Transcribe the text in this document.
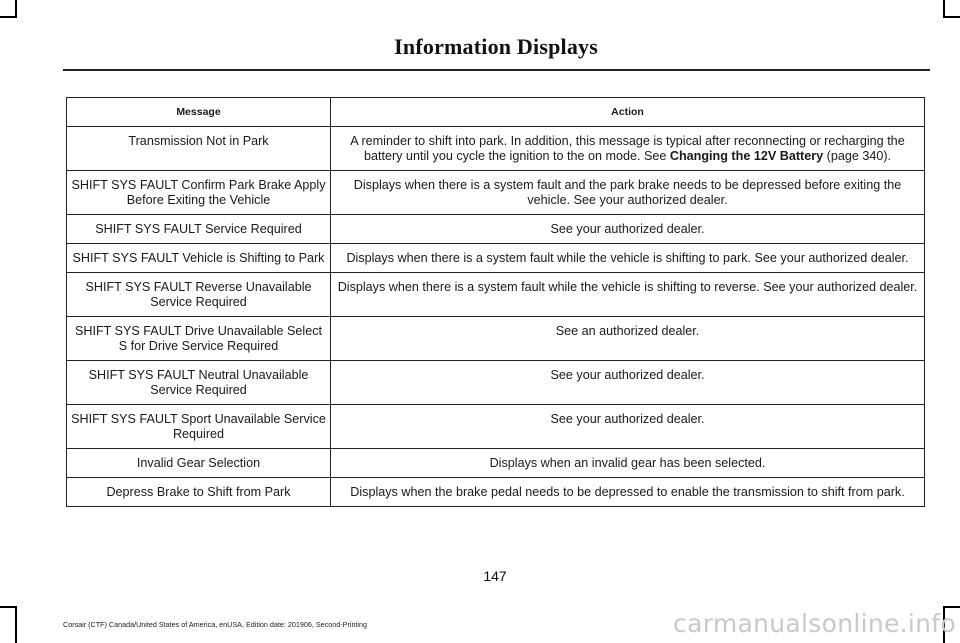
Information Displays
Message	Action
Transmission Not in Park	A reminder to shift into park. In addition, this message is typical after reconnecting or recharging the battery until you cycle the ignition to the on mode. See Changing the 12V Battery (page 340).
SHIFT SYS FAULT Confirm Park Brake Apply Before Exiting the Vehicle	Displays when there is a system fault and the park brake needs to be depressed before exiting the vehicle. See your authorized dealer.
SHIFT SYS FAULT Service Required	See your authorized dealer.
SHIFT SYS FAULT Vehicle is Shifting to Park	Displays when there is a system fault while the vehicle is shifting to park. See your authorized dealer.
SHIFT SYS FAULT Reverse Unavailable Service Required	Displays when there is a system fault while the vehicle is shifting to reverse. See your authorized dealer.
SHIFT SYS FAULT Drive Unavailable Select S for Drive Service Required	See an authorized dealer.
SHIFT SYS FAULT Neutral Unavailable Service Required	See your authorized dealer.
SHIFT SYS FAULT Sport Unavailable Service Required	See your authorized dealer.
Invalid Gear Selection	Displays when an invalid gear has been selected.
Depress Brake to Shift from Park	Displays when the brake pedal needs to be depressed to enable the transmission to shift from park.
147
Corsair (CTF) Canada/United States of America, enUSA, Edition date: 201906, Second-Printing	carmanualsonline.info
